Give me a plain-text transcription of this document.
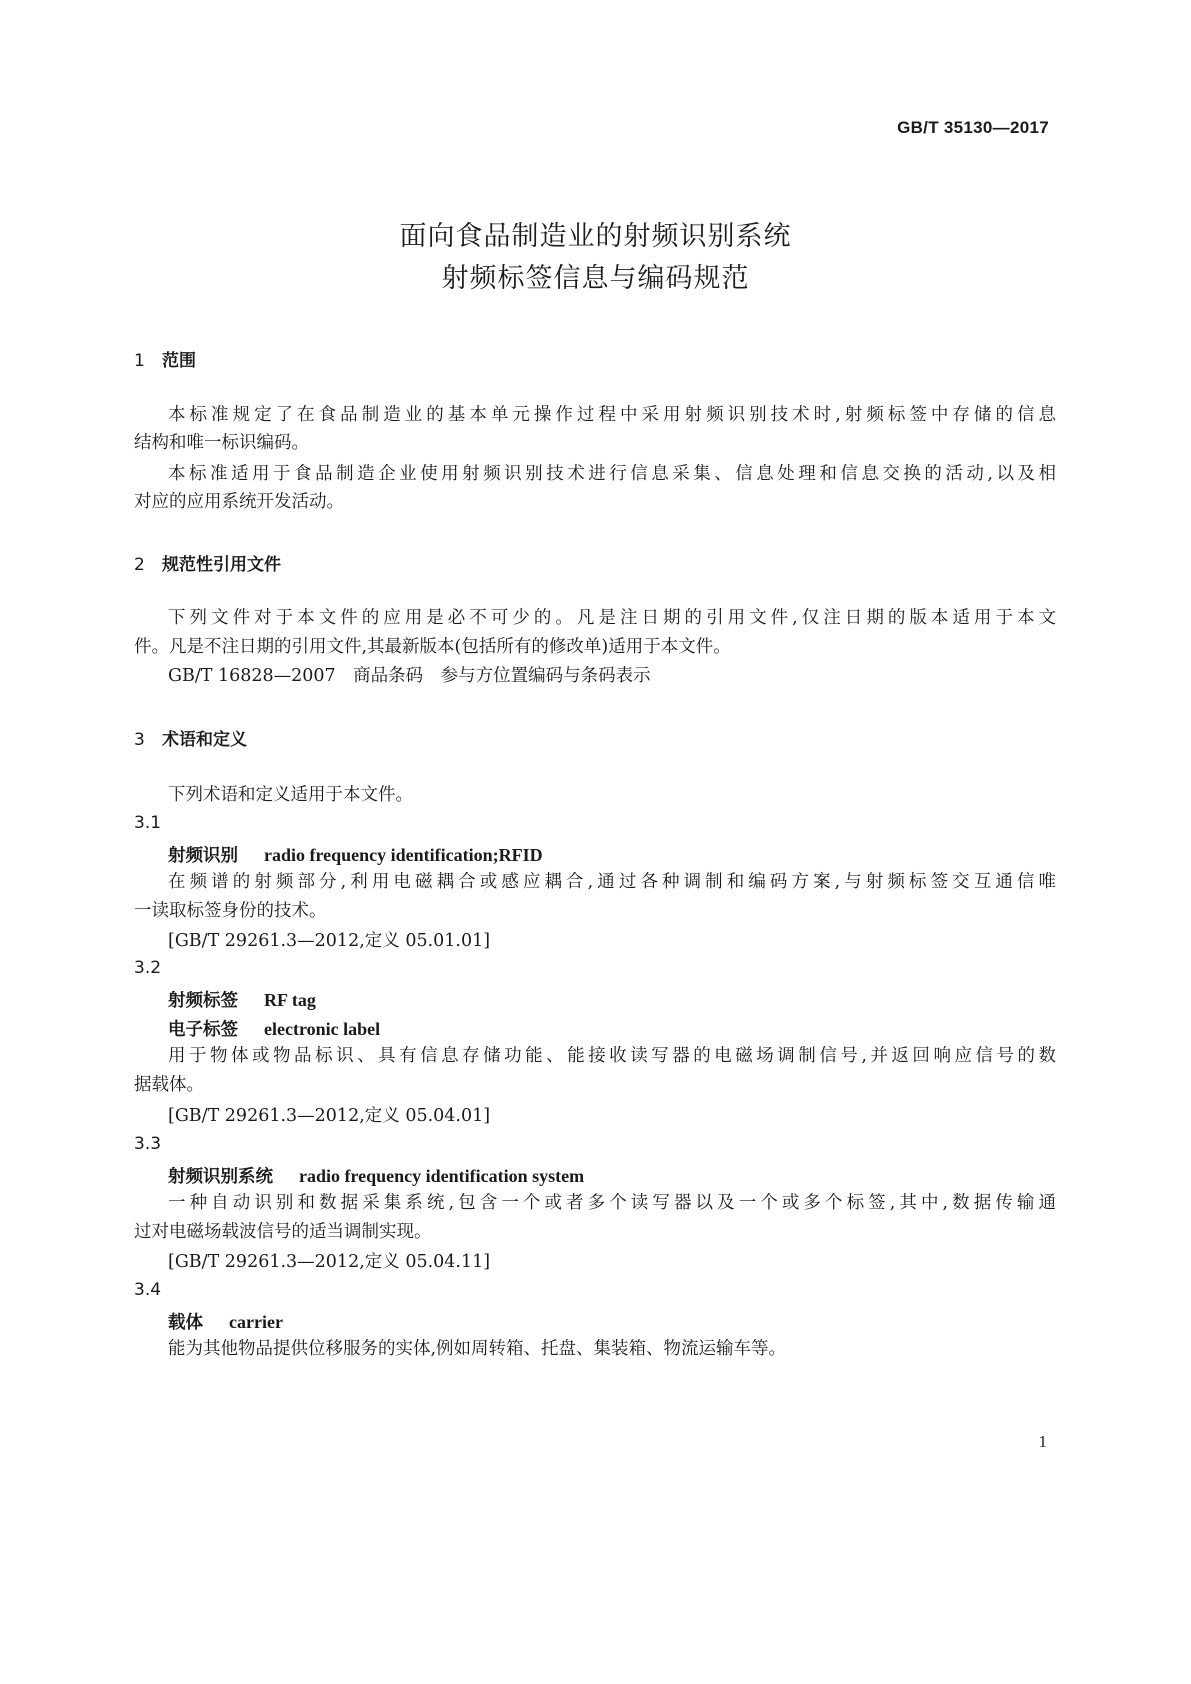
GB/T 35130—2017
面向食品制造业的射频识别系统
射频标签信息与编码规范
1 范围
本标准规定了在食品制造业的基本单元操作过程中采用射频识别技术时,射频标签中存储的信息
结构和唯一标识编码。
本标准适用于食品制造企业使用射频识别技术进行信息采集、信息处理和信息交换的活动,以及相
对应的应用系统开发活动。
2 规范性引用文件
下列文件对于本文件的应用是必不可少的。凡是注日期的引用文件,仅注日期的版本适用于本文
件。凡是不注日期的引用文件,其最新版本(包括所有的修改单)适用于本文件。
GB/T 16828—2007　商品条码　参与方位置编码与条码表示
3 术语和定义
下列术语和定义适用于本文件。
3.1
射频识别 radio frequency identification;RFID
在频谱的射频部分,利用电磁耦合或感应耦合,通过各种调制和编码方案,与射频标签交互通信唯
一读取标签身份的技术。
[GB/T 29261.3—2012,定义 05.01.01]
3.2
射频标签 RF tag
电子标签 electronic label
用于物体或物品标识、具有信息存储功能、能接收读写器的电磁场调制信号,并返回响应信号的数
据载体。
[GB/T 29261.3—2012,定义 05.04.01]
3.3
射频识别系统 radio frequency identification system
一种自动识别和数据采集系统,包含一个或者多个读写器以及一个或多个标签,其中,数据传输通
过对电磁场载波信号的适当调制实现。
[GB/T 29261.3—2012,定义 05.04.11]
3.4
载体 carrier
能为其他物品提供位移服务的实体,例如周转箱、托盘、集装箱、物流运输车等。
1
